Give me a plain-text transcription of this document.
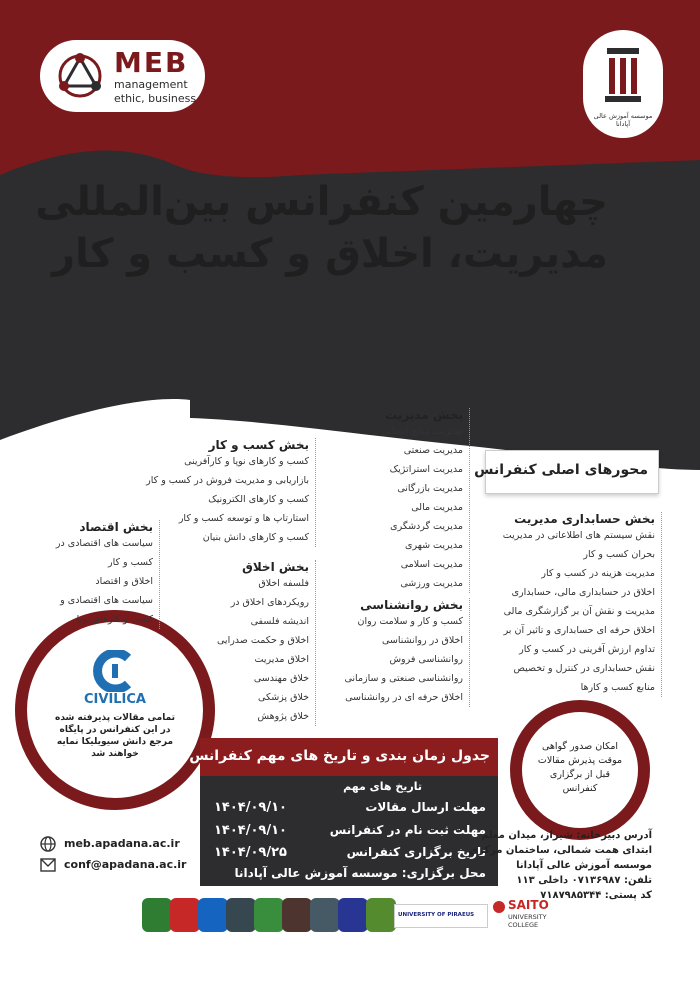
MEB
management
ethic, business
موسسه آموزش عالی آپادانا
چهارمین کنفرانس بین‌المللی
مدیریت، اخلاق و کسب و کار
محورهای اصلی کنفرانس
بخش مدیریت
مدیریت منابع انسانی
مدیریت صنعتی
مدیریت استراتژیک
مدیریت بازرگانی
مدیریت مالی
مدیریت گردشگری
مدیریت شهری
مدیریت اسلامی
مدیریت ورزشی
بخش کسب و کار
کسب و کارهای نوپا و کارآفرینی
بازاریابی و مدیریت فروش در کسب و کار
کسب و کارهای الکترونیک
استارتاپ ها و توسعه کسب و کار
کسب و کارهای دانش بنیان
بخش اقتصاد
سیاست های اقتصادی در
کسب و کار
اخلاق و اقتصاد
سیاست های اقتصادی و
کسب و کارهای نوپا
بخش حسابداری مدیریت
نقش سیستم های اطلاعاتی در مدیریت
بحران کسب و کار
مدیریت هزینه در کسب و کار
اخلاق در حسابداری مالی، حسابداری
مدیریت و نقش آن بر گزارشگری مالی
اخلاق حرفه ای حسابداری و تاثیر آن بر
تداوم ارزش آفرینی در کسب و کار
نقش حسابداری در کنترل و تخصیص
منابع کسب و کارها
بخش اخلاق
فلسفه اخلاق
رویکردهای اخلاق در
اندیشه فلسفی
اخلاق و حکمت صدرایی
اخلاق مدیریت
خلاق مهندسی
خلاق پزشکی
خلاق پژوهش
بخش روانشناسی
کسب و کار و سلامت روان
اخلاق در روانشناسی
روانشناسی فروش
روانشناسی صنعتی و سازمانی
اخلاق حرفه ای در روانشناسی
CIVILICA
تمامی مقالات پذیرفته شده
در این کنفرانس در پایگاه
مرجع دانش سیویلیکا نمایه
خواهند شد
امکان صدور گواهی
موقت پذیرش مقالات
قبل از برگزاری
کنفرانس
جدول زمان بندی و تاریخ های مهم کنفرانس
تاریخ های مهم
مهلت ارسال مقالات
۱۴۰۴/۰۹/۱۰
مهلت ثبت نام در کنفرانس
۱۴۰۴/۰۹/۱۰
تاریخ برگزاری کنفرانس
۱۴۰۴/۰۹/۲۵
محل برگزاری: موسسه آموزش عالی آپادانا
meb.apadana.ac.ir
conf@apadana.ac.ir
آدرس دبیرخانه: شیراز، میدان معلم
ابتدای همت شمالی، ساختمان مرکزی
موسسه آموزش عالی آپادانا
تلفن: ۰۷۱۳۶۹۸۷ داخلی ۱۱۳
کد پستی: ۷۱۸۷۹۸۵۳۴۴
UNIVERSITY OF PIRAEUS
SAITO
UNIVERSITY
COLLEGE
